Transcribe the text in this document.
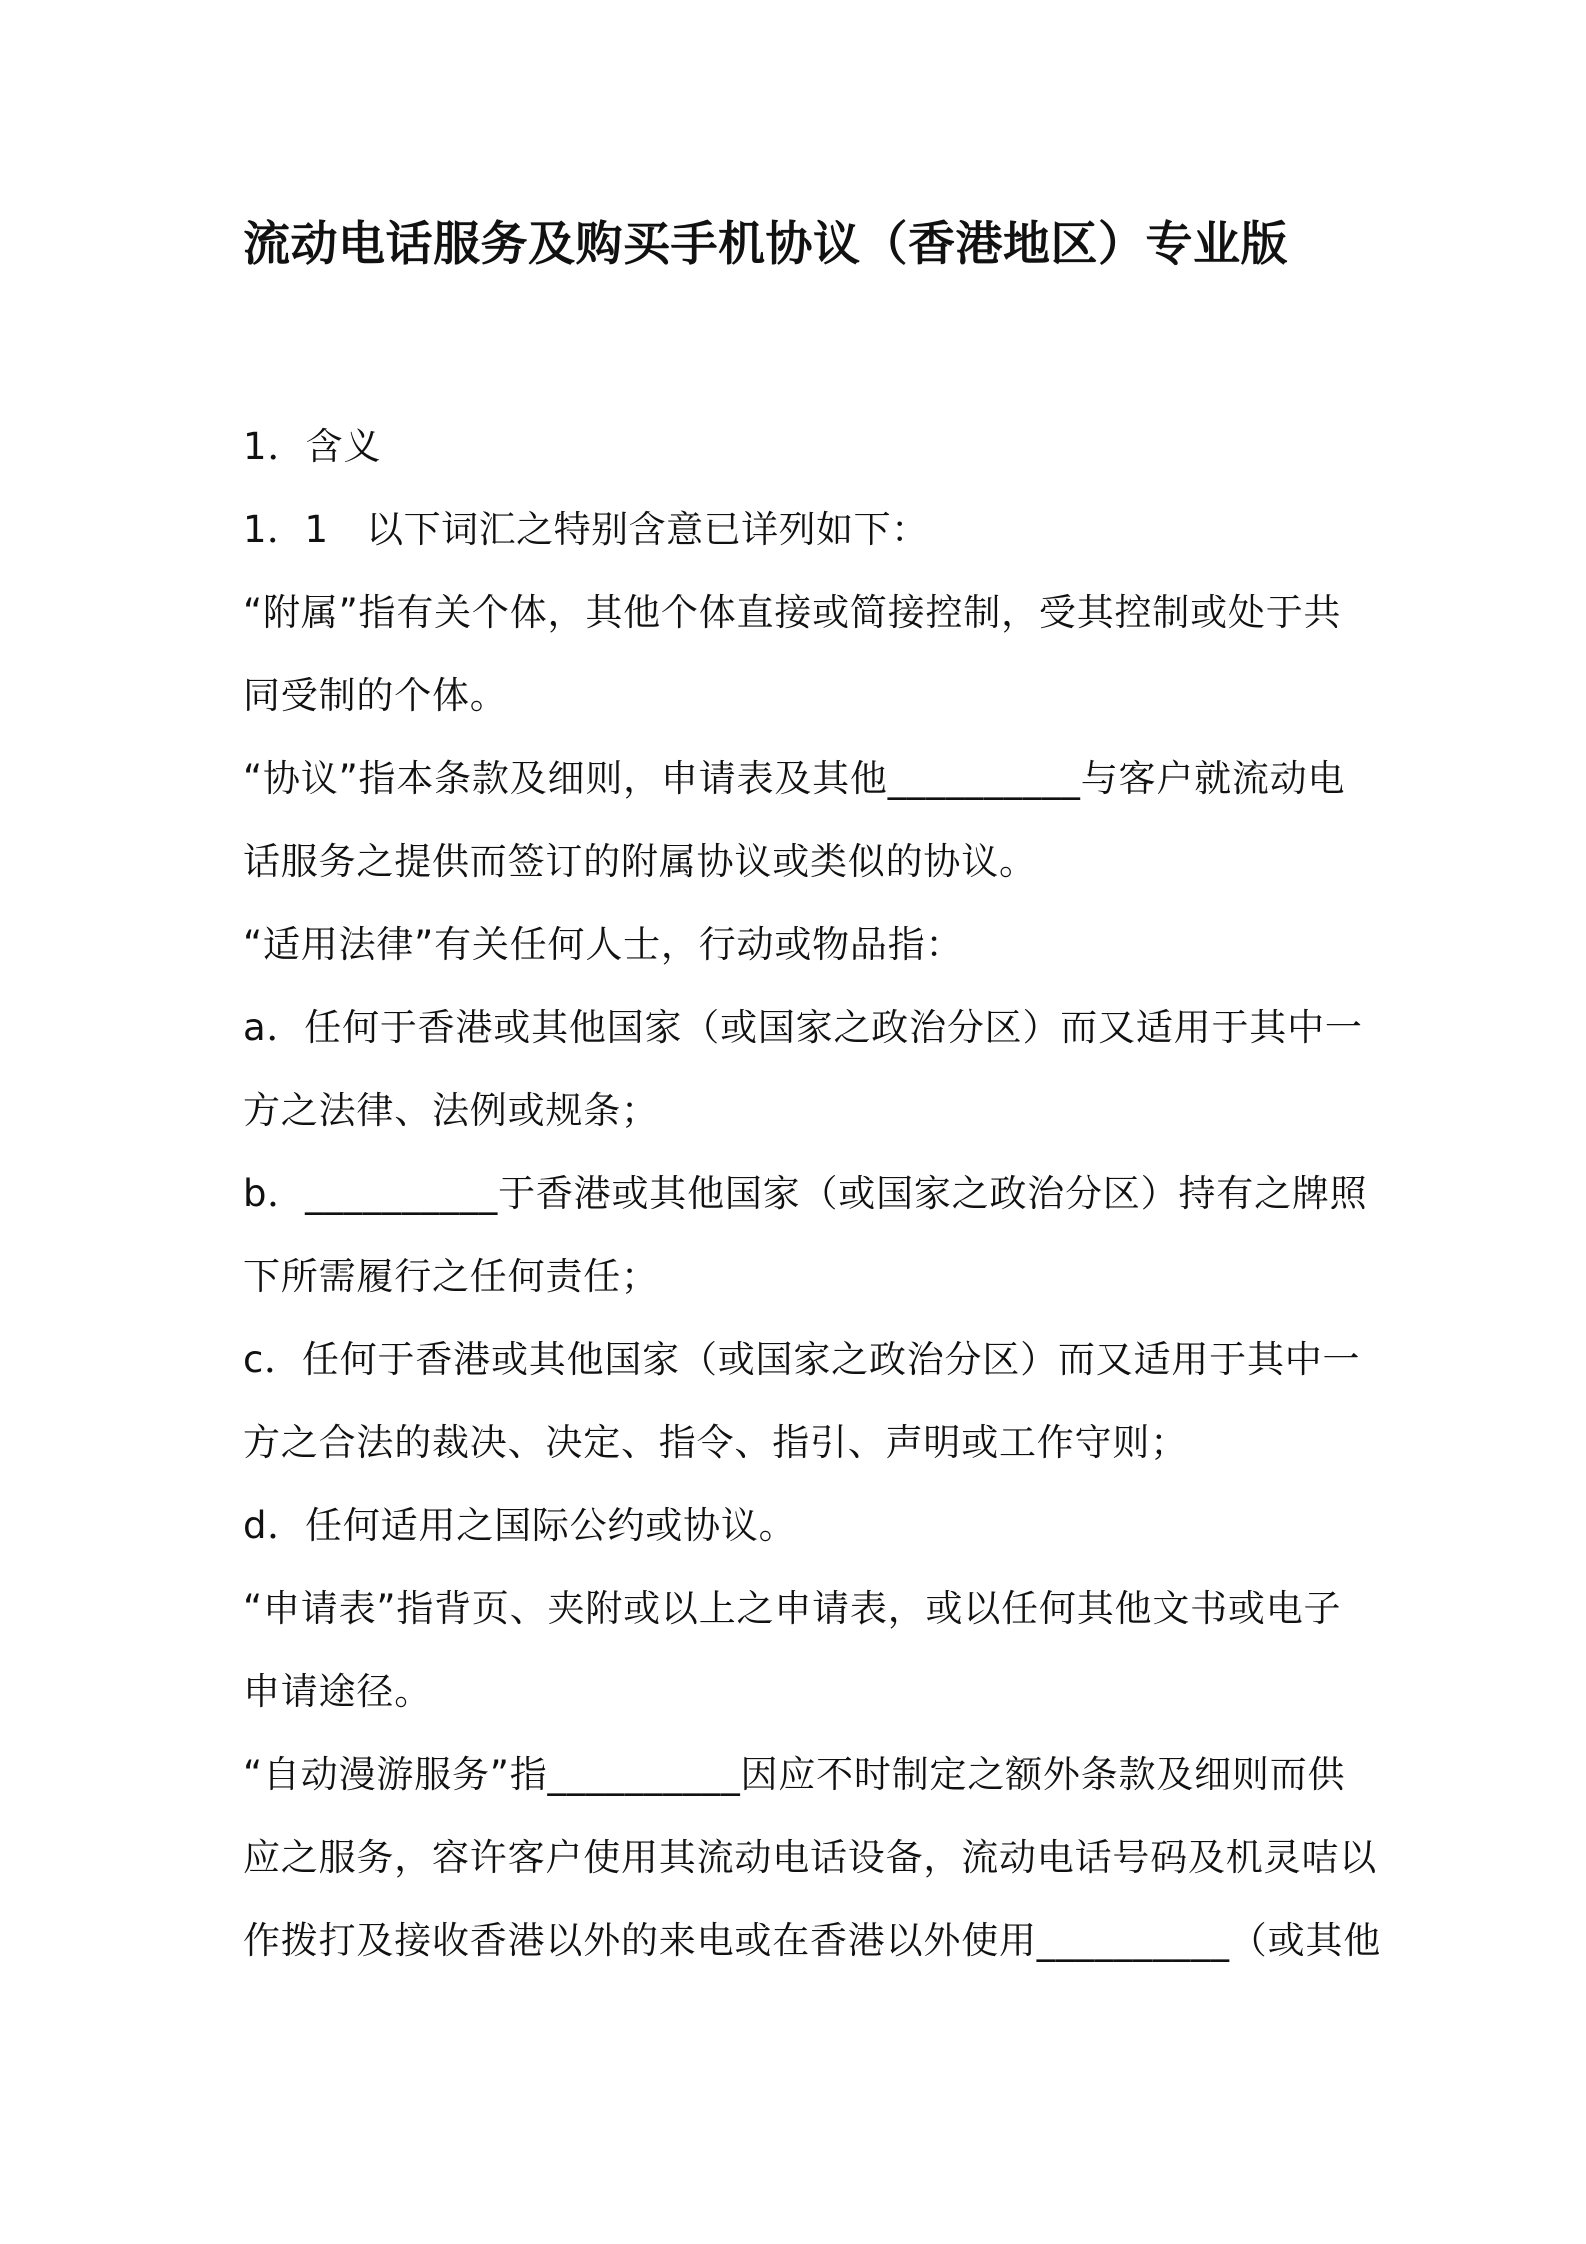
流动电话服务及购买手机协议（香港地区）专业版

1．含义

1．1　以下词汇之特别含意已详列如下：

“附属”指有关个体，其他个体直接或简接控制，受其控制或处于共

同受制的个体。

“协议”指本条款及细则，申请表及其他__________与客户就流动电

话服务之提供而签订的附属协议或类似的协议。

“适用法律”有关任何人士，行动或物品指：

a．任何于香港或其他国家（或国家之政治分区）而又适用于其中一

方之法律、法例或规条；

b．__________于香港或其他国家（或国家之政治分区）持有之牌照

下所需履行之任何责任；

c．任何于香港或其他国家（或国家之政治分区）而又适用于其中一

方之合法的裁决、决定、指令、指引、声明或工作守则；

d．任何适用之国际公约或协议。

“申请表”指背页、夹附或以上之申请表，或以任何其他文书或电子

申请途径。

“自动漫游服务”指__________因应不时制定之额外条款及细则而供

应之服务，容许客户使用其流动电话设备，流动电话号码及机灵咭以

作拨打及接收香港以外的来电或在香港以外使用__________（或其他
